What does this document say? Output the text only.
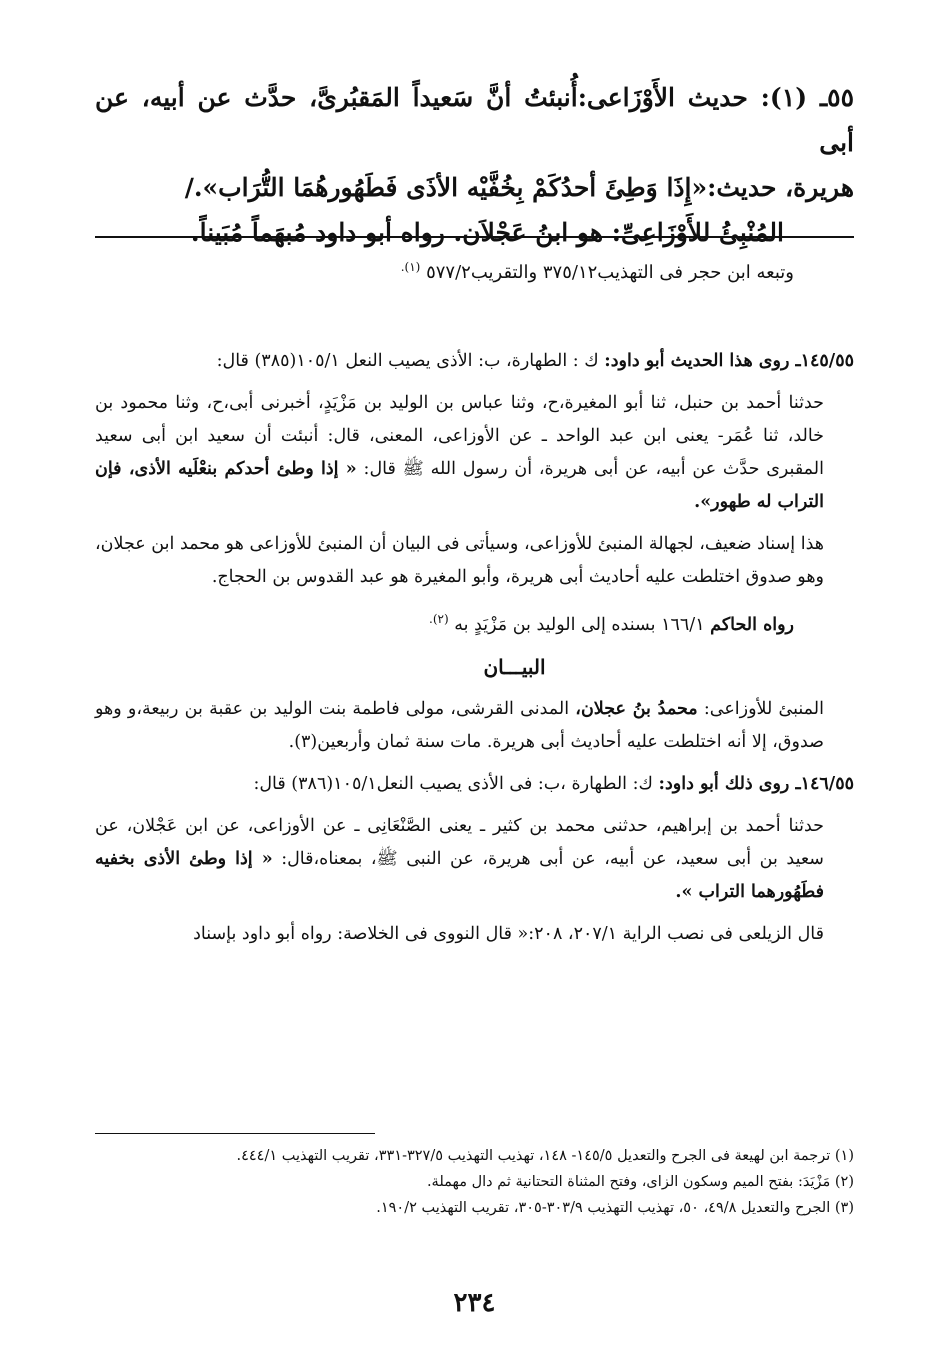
٥٥ـ (١): حديث الأَوْزَاعى:أُنبئتُ أنَّ سَعيداً المَقبُرىَّ، حدَّث عن أبيه، عن أبى

هريرة، حديث:«إِذَا وَطِئَ أحدُكَمْ بِخُفَّيْه الأذَى فَطَهُورهُمَا التُّرَاب».∕

المُنْبِئُ للأَوْزَاعِىِّ: هو ابنُ عَجْلاَن. رواه أبو داود مُبهَماً مُبَيناً.

وتبعه ابن حجر فى التهذيب٣٧٥/١٢ والتقريب٥٧٧/٢ $^{(١).}$

١٤٥/٥٥ـ روى هذا الحديث أبو داود: ك : الطهارة، ب: الأذى يصيب النعل ١٠٥/١(٣٨٥) قال:

حدثنا أحمد بن حنبل، ثنا أبو المغيرة،ح، وثنا عباس بن الوليد بن مَزْيَدٍ، أخبرنى أبى،ح، وثنا محمود بن خالد، ثنا عُمَر- يعنى ابن عبد الواحد ـ عن الأوزاعى، المعنى، قال: أنبئت أن سعيد ابن أبى سعيد المقبرى حدَّث عن أبيه، عن أبى هريرة، أن رسول الله ﷺ قال: « إذا وطئ أحدكم بنعْلَيه الأذى، فإن التراب له طهور».

هذا إسناد ضعيف، لجهالة المنبئ للأوزاعى، وسيأتى فى البيان أن المنبئ للأوزاعى هو محمد ابن عجلان، وهو صدوق اختلطت عليه أحاديث أبى هريرة، وأبو المغيرة هو عبد القدوس بن الحجاج.

رواه الحاكم ١٦٦/١ بسنده إلى الوليد بن مَزْيَدٍ به $^{(٢).}$

البيـــان

المنبئ للأوزاعى: محمدُ بنُ عجلان، المدنى القرشى، مولى فاطمة بنت الوليد بن عقبة بن ربيعة،و وهو صدوق، إلا أنه اختلطت عليه أحاديث أبى هريرة. مات سنة ثمان وأربعين(٣).

١٤٦/٥٥ـ روى ذلك أبو داود: ك: الطهارة ،ب: فى الأذى يصيب النعل١٠٥/١(٣٨٦) قال:

حدثنا أحمد بن إبراهيم، حدثنى محمد بن كثير ـ يعنى الصَّنْعَانِى ـ عن الأوزاعى، عن ابن عَجْلان، عن سعيد بن أبى سعيد، عن أبيه، عن أبى هريرة، عن النبى ﷺ، بمعناه،قال: « إذا وطئ الأذى بخفيه فطَهُورهما التراب ».

قال الزيلعى فى نصب الراية ٢٠٧/١، ٢٠٨:« قال النووى فى الخلاصة: رواه أبو داود بإسناد

(١) ترجمة ابن لهيعة فى الجرح والتعديل ١٤٥/٥- ١٤٨، تهذيب التهذيب ٣٢٧/٥-٣٣١، تقريب التهذيب ٤٤٤/١.

(٢) مَزْيَدَ: بفتح الميم وسكون الزاى، وفتح المثناة التحتانية ثم دال مهملة.

(٣) الجرح والتعديل ٤٩/٨، ٥٠، تهذيب التهذيب ٣٠٣/٩-٣٠٥، تقريب التهذيب ١٩٠/٢.

٢٣٤
